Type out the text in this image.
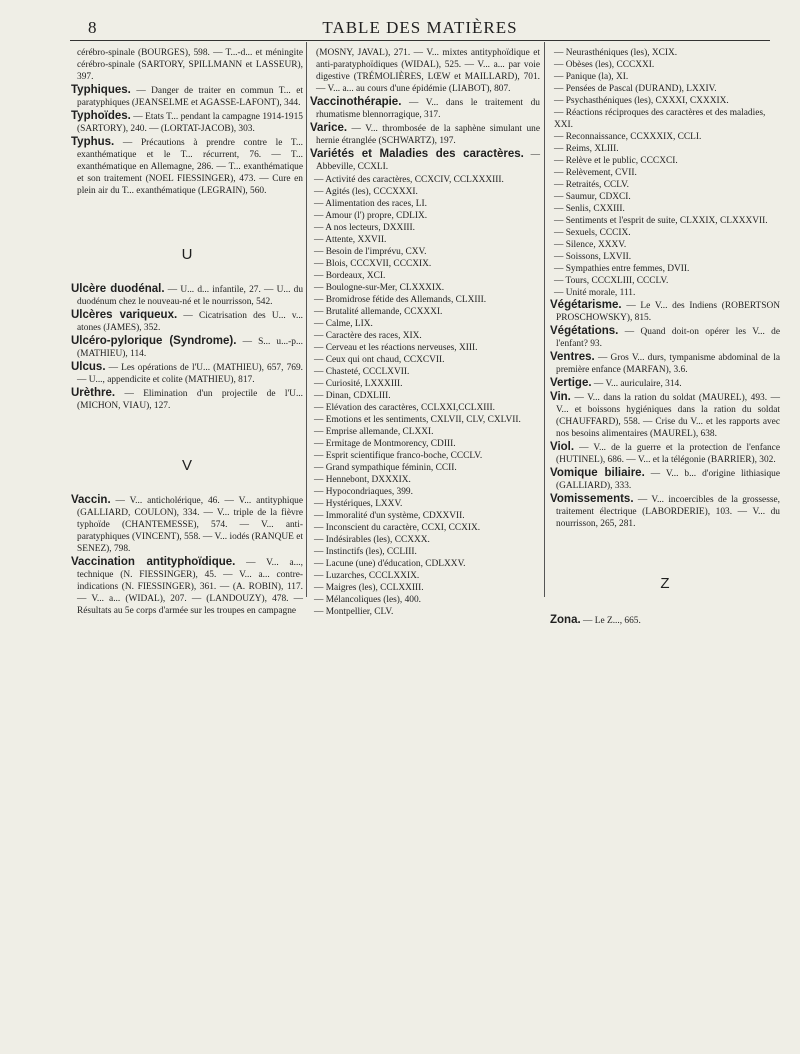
8	TABLE DES MATIÈRES

cérébro-spinale (BOURGES), 598. — T...-d... et méningite cérébro-spinale (SARTORY, SPILLMANN et LASSEUR), 397.

Typhiques. — Danger de traiter en commun T... et paratyphiques (JEANSELME et AGASSE-LAFONT), 344.

Typhoïdes. — Etats T... pendant la campagne 1914-1915 (SARTORY), 240. — (LORTAT-JACOB), 303.

Typhus. — Précautions à prendre contre le T... exanthématique et le T... récurrent, 76. — T... exanthématique en Allemagne, 286. — T... exanthématique et son traitement (NOEL FIESSINGER), 473. — Cure en plein air du T... exanthématique (LEGRAIN), 560.

U

Ulcère duodénal. — U... d... infantile, 27. — U... du duodénum chez le nouveau-né et le nourrisson, 542.

Ulcères variqueux. — Cicatrisation des U... v... atones (JAMES), 352.

Ulcéro-pylorique (Syndrome). — S... u...-p... (MATHIEU), 114.

Ulcus. — Les opérations de l'U... (MATHIEU), 657, 769. — U..., appendicite et colite (MATHIEU), 817.

Urèthre. — Elimination d'un projectile de l'U... (MICHON, VIAU), 127.

V

Vaccin. — V... anticholérique, 46. — V... antityphique (GALLIARD, COULON), 334. — V... triple de la fièvre typhoïde (CHANTEMESSE), 574. — V... anti-paratyphiques (VINCENT), 558. — V... iodés (RANQUE et SENEZ), 798.

Vaccination antityphoïdique. — V... a..., technique (N. FIESSINGER), 45. — V... a... contre-indications (N. FIESSINGER), 361. — (A. ROBIN), 117. — V... a... (WIDAL), 207. — (LANDOUZY), 478. — Résultats au 5e corps d'armée sur les troupes en campagne

(MOSNY, JAVAL), 271. — V... mixtes antityphoïdique et anti-paratyphoïdiques (WIDAL), 525. — V... a... par voie digestive (TRÉMOLIÈRES, LŒW et MAILLARD), 701. — V... a... au cours d'une épidémie (LIABOT), 807.

Vaccinothérapie. — V... dans le traitement du rhumatisme blennorragique, 317.

Varice. — V... thrombosée de la saphène simulant une hernie étranglée (SCHWARTZ), 197.

Variétés et Maladies des caractères. — Abbeville, CCXLI.

— Activité des caractères, CCXCIV, CCLXXXIII.

— Agités (les), CCCXXXI.

— Alimentation des races, LI.

— Amour (l') propre, CDLIX.

— A nos lecteurs, DXXIII.

— Attente, XXVII.

— Besoin de l'imprévu, CXV.

— Blois, CCCXVII, CCCXIX.

— Bordeaux, XCI.

— Boulogne-sur-Mer, CLXXXIX.

— Bromidrose fétide des Allemands, CLXIII.

— Brutalité allemande, CCXXXI.

— Calme, LIX.

— Caractère des races, XIX.

— Cerveau et les réactions nerveuses, XIII.

— Ceux qui ont chaud, CCXCVII.

— Chasteté, CCCLXVII.

— Curiosité, LXXXIII.

— Dinan, CDXLIII.

— Elévation des caractères, CCLXXI,CCLXIII.

— Emotions et les sentiments, CXLVII, CLV, CXLVII.

— Emprise allemande, CLXXI.

— Ermitage de Montmorency, CDIII.

— Esprit scientifique franco-boche, CCCLV.

— Grand sympathique féminin, CCII.

— Hennebont, DXXXIX.

— Hypocondriaques, 399.

— Hystériques, LXXV.

— Immoralité d'un système, CDXXVII.

— Inconscient du caractère, CCXI, CCXIX.

— Indésirables (les), CCXXX.

— Instinctifs (les), CCLIII.

— Lacune (une) d'éducation, CDLXXV.

— Luzarches, CCCLXXIX.

— Maigres (les), CCLXXIII.

— Mélancoliques (les), 400.

— Montpellier, CLV.

— Neurasthéniques (les), XCIX.

— Obèses (les), CCCXXI.

— Panique (la), XI.

— Pensées de Pascal (DURAND), LXXIV.

— Psychasthéniques (les), CXXXI, CXXXIX.

— Réactions réciproques des caractères et des maladies, XXI.

— Reconnaissance, CCXXXIX, CCLI.

— Reims, XLIII.

— Relève et le public, CCCXCI.

— Relèvement, CVII.

— Retraités, CCLV.

— Saumur, CDXCI.

— Senlis, CXXIII.

— Sentiments et l'esprit de suite, CLXXIX, CLXXXVII.

— Sexuels, CCCIX.

— Silence, XXXV.

— Soissons, LXVII.

— Sympathies entre femmes, DVII.

— Tours, CCCXLIII, CCCLV.

— Unité morale, 111.

Végétarisme. — Le V... des Indiens (ROBERTSON PROSCHOWSKY), 815.

Végétations. — Quand doit-on opérer les V... de l'enfant? 93.

Ventres. — Gros V... durs, tympanisme abdominal de la première enfance (MARFAN), 3.6.

Vertige. — V... auriculaire, 314.

Vin. — V... dans la ration du soldat (MAUREL), 493. — V... et boissons hygiéniques dans la ration du soldat (CHAUFFARD), 558. — Crise du V... et les rapports avec nos besoins alimentaires (MAUREL), 638.

Viol. — V... de la guerre et la protection de l'enfance (HUTINEL), 686. — V... et la télégonie (BARRIER), 302.

Vomique biliaire. — V... b... d'origine lithiasique (GALLIARD), 333.

Vomissements. — V... incoercibles de la grossesse, traitement électrique (LABORDERIE), 103. — V... du nourrisson, 265, 281.

Z

Zona. — Le Z..., 665.
